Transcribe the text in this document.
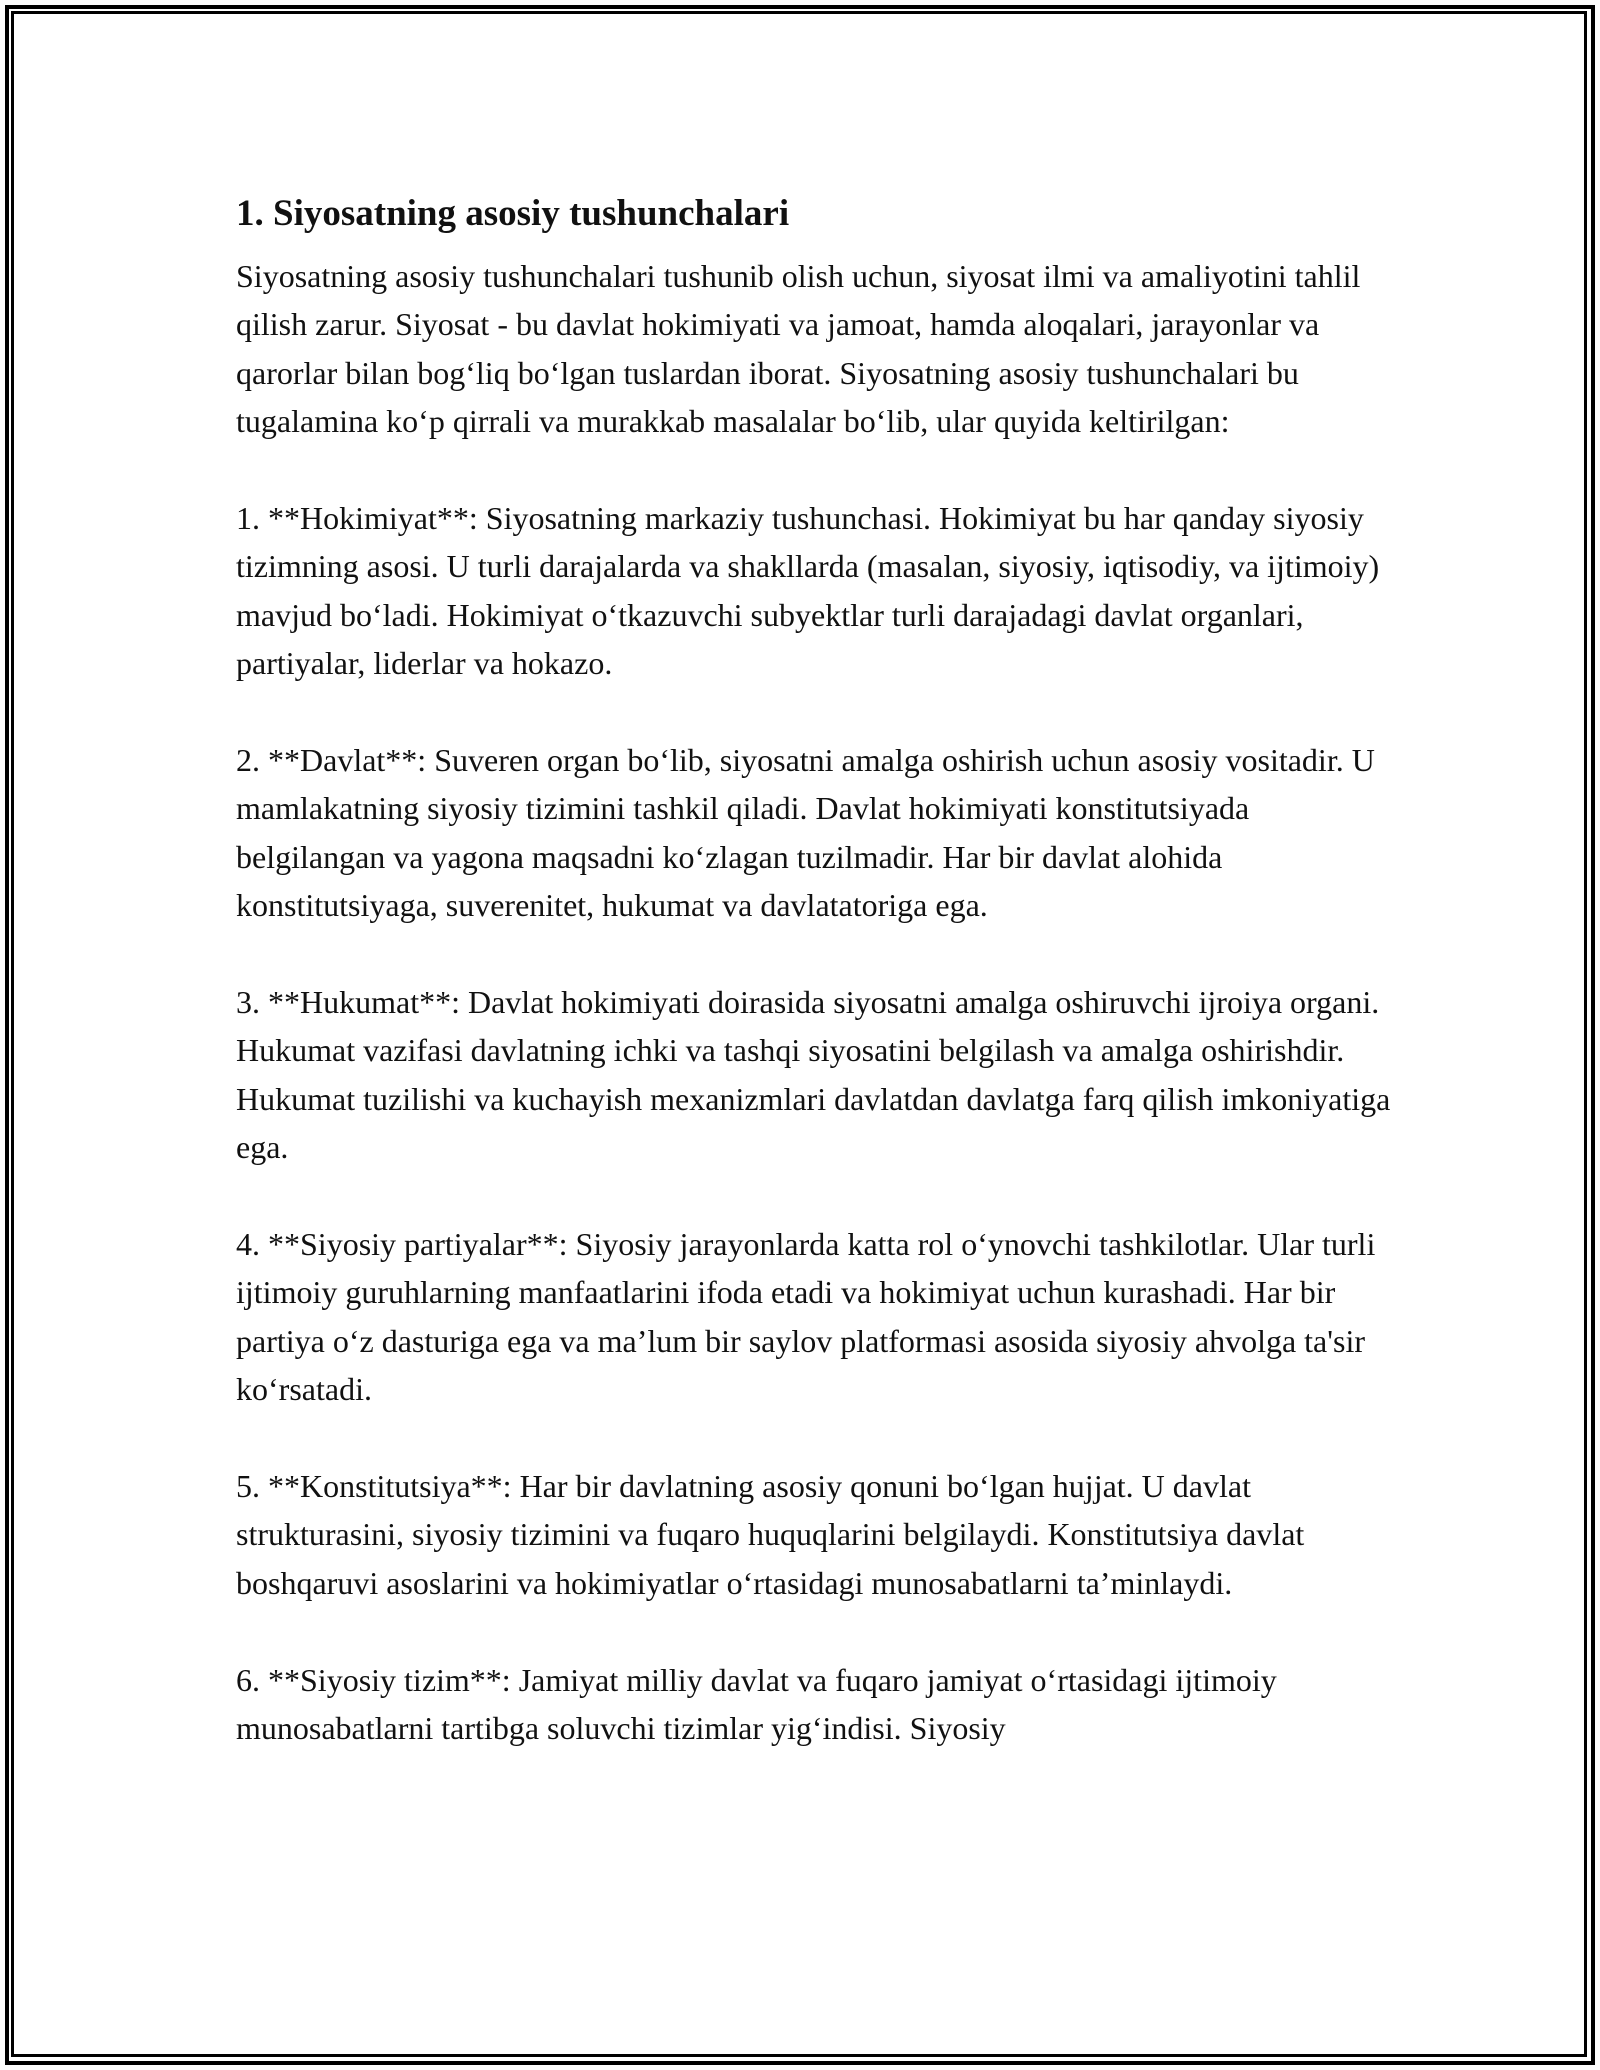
1. Siyosatning asosiy tushunchalari

Siyosatning asosiy tushunchalari tushunib olish uchun, siyosat ilmi va amaliyotini tahlil qilish zarur. Siyosat - bu davlat hokimiyati va jamoat, hamda aloqalari, jarayonlar va qarorlar bilan bog‘liq bo‘lgan tuslardan iborat. Siyosatning asosiy tushunchalari bu tugalamina ko‘p qirrali va murakkab masalalar bo‘lib, ular quyida keltirilgan:

1. **Hokimiyat**: Siyosatning markaziy tushunchasi. Hokimiyat bu har qanday siyosiy tizimning asosi. U turli darajalarda va shakllarda (masalan, siyosiy, iqtisodiy, va ijtimoiy) mavjud bo‘ladi. Hokimiyat o‘tkazuvchi subyektlar turli darajadagi davlat organlari, partiyalar, liderlar va hokazo.

2. **Davlat**: Suveren organ bo‘lib, siyosatni amalga oshirish uchun asosiy vositadir. U mamlakatning siyosiy tizimini tashkil qiladi. Davlat hokimiyati konstitutsiyada belgilangan va yagona maqsadni ko‘zlagan tuzilmadir. Har bir davlat alohida konstitutsiyaga, suverenitet, hukumat va davlatatoriga ega.

3. **Hukumat**: Davlat hokimiyati doirasida siyosatni amalga oshiruvchi ijroiya organi. Hukumat vazifasi davlatning ichki va tashqi siyosatini belgilash va amalga oshirishdir. Hukumat tuzilishi va kuchayish mexanizmlari davlatdan davlatga farq qilish imkoniyatiga ega.

4. **Siyosiy partiyalar**: Siyosiy jarayonlarda katta rol o‘ynovchi tashkilotlar. Ular turli ijtimoiy guruhlarning manfaatlarini ifoda etadi va hokimiyat uchun kurashadi. Har bir partiya o‘z dasturiga ega va ma’lum bir saylov platformasi asosida siyosiy ahvolga ta'sir ko‘rsatadi.

5. **Konstitutsiya**: Har bir davlatning asosiy qonuni bo‘lgan hujjat. U davlat strukturasini, siyosiy tizimini va fuqaro huquqlarini belgilaydi. Konstitutsiya davlat boshqaruvi asoslarini va hokimiyatlar o‘rtasidagi munosabatlarni ta’minlaydi.

6. **Siyosiy tizim**: Jamiyat milliy davlat va fuqaro jamiyat o‘rtasidagi ijtimoiy munosabatlarni tartibga soluvchi tizimlar yig‘indisi. Siyosiy
